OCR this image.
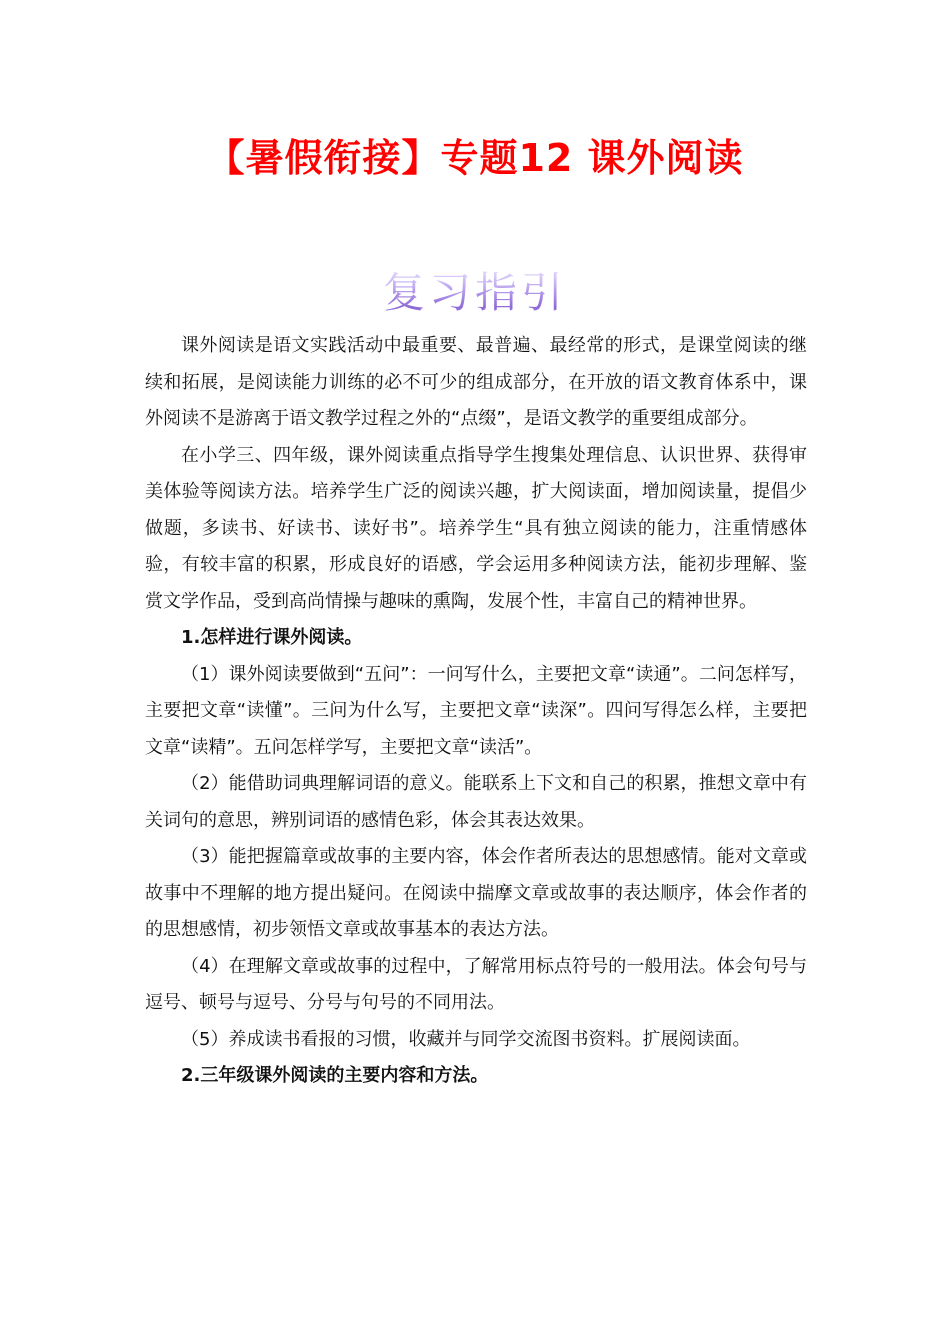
【暑假衔接】专题12 课外阅读
复习指引

课外阅读是语文实践活动中最重要、最普遍、最经常的形式，是课堂阅读的继续和拓展，是阅读能力训练的必不可少的组成部分，在开放的语文教育体系中，课外阅读不是游离于语文教学过程之外的“点缀”，是语文教学的重要组成部分。

在小学三、四年级，课外阅读重点指导学生搜集处理信息、认识世界、获得审美体验等阅读方法。培养学生广泛的阅读兴趣，扩大阅读面，增加阅读量，提倡少做题，多读书、好读书、读好书”。培养学生“具有独立阅读的能力，注重情感体验，有较丰富的积累，形成良好的语感，学会运用多种阅读方法，能初步理解、鉴赏文学作品，受到高尚情操与趣味的熏陶，发展个性，丰富自己的精神世界。

1.怎样进行课外阅读。

（1）课外阅读要做到“五问”：一问写什么，主要把文章“读通”。二问怎样写，主要把文章“读懂”。三问为什么写，主要把文章“读深”。四问写得怎么样，主要把文章“读精”。五问怎样学写，主要把文章“读活”。

（2）能借助词典理解词语的意义。能联系上下文和自己的积累，推想文章中有关词句的意思，辨别词语的感情色彩，体会其表达效果。

（3）能把握篇章或故事的主要内容，体会作者所表达的思想感情。能对文章或故事中不理解的地方提出疑问。在阅读中揣摩文章或故事的表达顺序，体会作者的的思想感情，初步领悟文章或故事基本的表达方法。

（4）在理解文章或故事的过程中，了解常用标点符号的一般用法。体会句号与逗号、顿号与逗号、分号与句号的不同用法。

（5）养成读书看报的习惯，收藏并与同学交流图书资料。扩展阅读面。

2.三年级课外阅读的主要内容和方法。
